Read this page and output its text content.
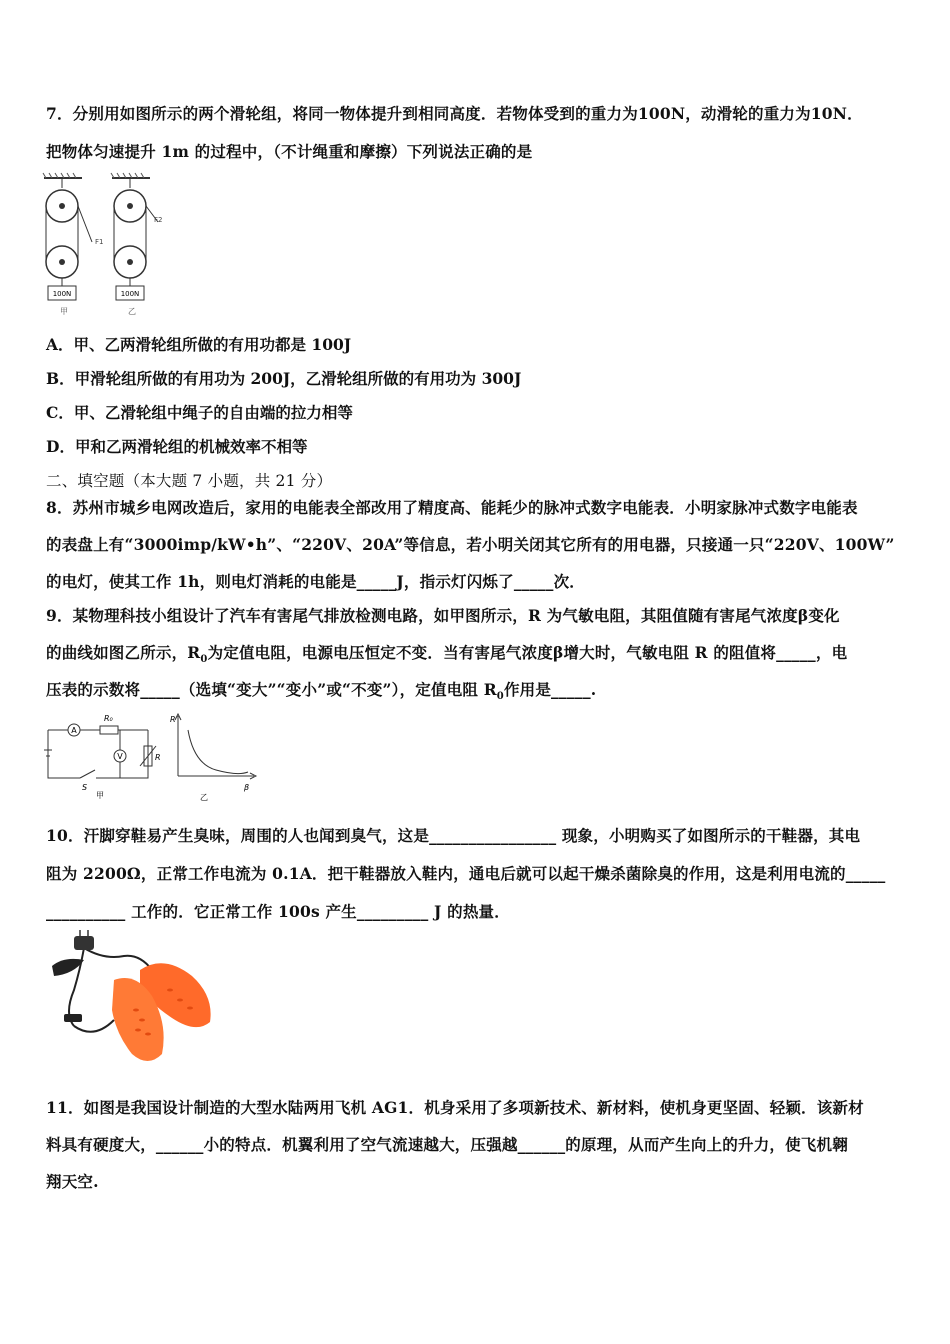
7．分别用如图所示的两个滑轮组，将同一物体提升到相同高度．若物体受到的重力为100N，动滑轮的重力为10N．
把物体匀速提升 1m 的过程中，（不计绳重和摩擦）下列说法正确的是
100N
F1
甲
100N
F2
乙
A．甲、乙两滑轮组所做的有用功都是 100J
B．甲滑轮组所做的有用功为 200J，乙滑轮组所做的有用功为 300J
C．甲、乙滑轮组中绳子的自由端的拉力相等
D．甲和乙两滑轮组的机械效率不相等
二、填空题（本大题 7 小题，共 21 分）
8．苏州市城乡电网改造后，家用的电能表全部改用了精度高、能耗少的脉冲式数字电能表．小明家脉冲式数字电能表
的表盘上有“3000imp/kW•h”、“220V、20A”等信息，若小明关闭其它所有的用电器，只接通一只“220V、100W”
的电灯，使其工作 1h，则电灯消耗的电能是_____J，指示灯闪烁了_____次．
9．某物理科技小组设计了汽车有害尾气排放检测电路，如甲图所示，R 为气敏电阻，其阻值随有害尾气浓度β变化
的曲线如图乙所示，$R_0$为定值电阻，电源电压恒定不变．当有害尾气浓度β增大时，气敏电阻 R 的阻值将_____，电
压表的示数将_____（选填“变大”“变小”或“不变”），定值电阻 $R_0$作用是_____.
A
V
R₀
R
S
甲
R
β
乙
10．汗脚穿鞋易产生臭味，周围的人也闻到臭气，这是________________ 现象，小明购买了如图所示的干鞋器，其电
阻为 2200Ω，正常工作电流为 0.1A．把干鞋器放入鞋内，通电后就可以起干燥杀菌除臭的作用，这是利用电流的_____
__________ 工作的．它正常工作 100s 产生_________ J 的热量．
11．如图是我国设计制造的大型水陆两用飞机 AG1．机身采用了多项新技术、新材料，使机身更坚固、轻颖．该新材
料具有硬度大，______小的特点．机翼利用了空气流速越大，压强越______的原理，从而产生向上的升力，使飞机翱
翔天空.
